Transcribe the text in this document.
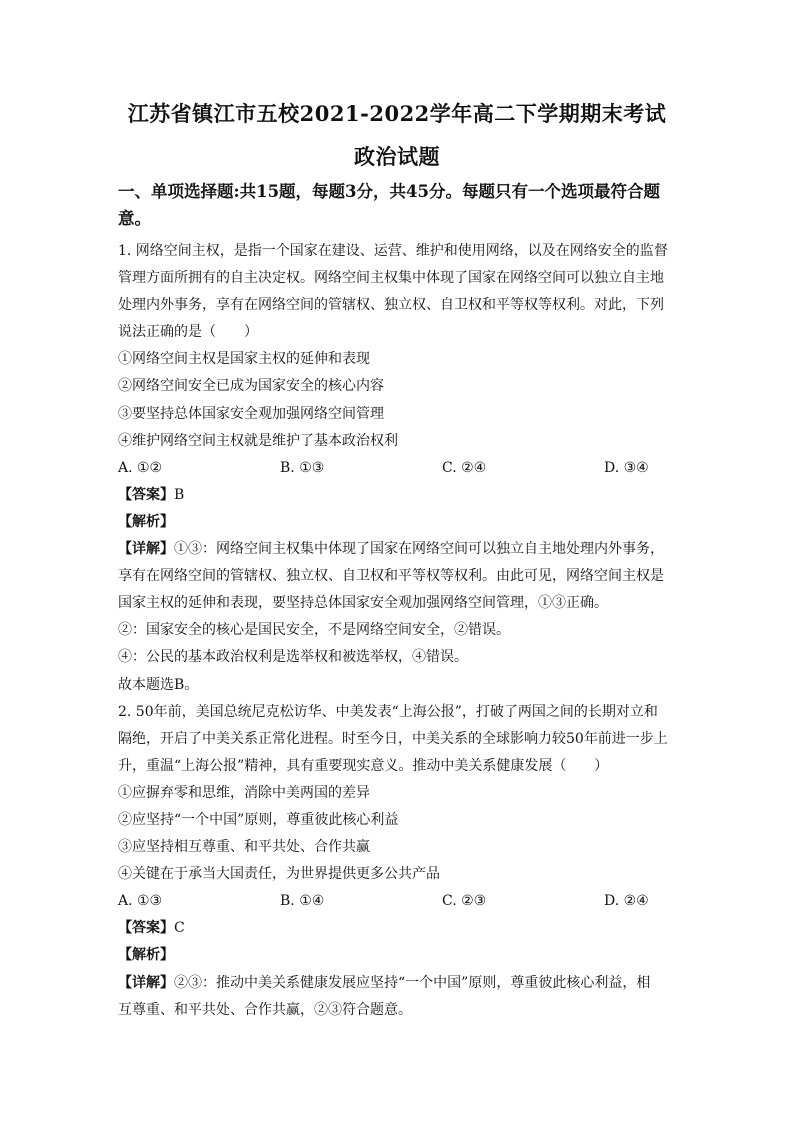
江苏省镇江市五校2021-2022学年高二下学期期末考试
政治试题
一、单项选择题:共15题，每题3分，共45分。每题只有一个选项最符合题
意。
1. 网络空间主权，是指一个国家在建设、运营、维护和使用网络，以及在网络安全的监督
管理方面所拥有的自主决定权。网络空间主权集中体现了国家在网络空间可以独立自主地
处理内外事务，享有在网络空间的管辖权、独立权、自卫权和平等权等权利。对此，下列
说法正确的是（　　）
①网络空间主权是国家主权的延伸和表现
②网络空间安全已成为国家安全的核心内容
③要坚持总体国家安全观加强网络空间管理
④维护网络空间主权就是维护了基本政治权利
A. ①②	B. ①③	C. ②④	D. ③④
【答案】B
【解析】
【详解】①③：网络空间主权集中体现了国家在网络空间可以独立自主地处理内外事务，
享有在网络空间的管辖权、独立权、自卫权和平等权等权利。由此可见，网络空间主权是
国家主权的延伸和表现，要坚持总体国家安全观加强网络空间管理，①③正确。
②：国家安全的核心是国民安全，不是网络空间安全，②错误。
④：公民的基本政治权利是选举权和被选举权，④错误。
故本题选B。
2. 50年前，美国总统尼克松访华、中美发表“上海公报”，打破了两国之间的长期对立和
隔绝，开启了中美关系正常化进程。时至今日，中美关系的全球影响力较50年前进一步上
升，重温“上海公报”精神，具有重要现实意义。推动中美关系健康发展（　　）
①应摒弃零和思维，消除中美两国的差异
②应坚持“一个中国”原则，尊重彼此核心利益
③应坚持相互尊重、和平共处、合作共赢
④关键在于承当大国责任，为世界提供更多公共产品
A. ①③	B. ①④	C. ②③	D. ②④
【答案】C
【解析】
【详解】②③：推动中美关系健康发展应坚持“一个中国”原则，尊重彼此核心利益，相
互尊重、和平共处、合作共赢，②③符合题意。
